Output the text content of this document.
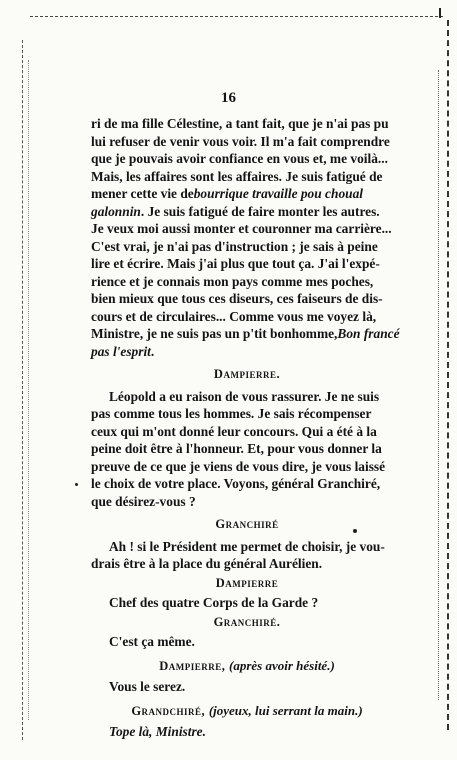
16
ri de ma fille Célestine, a tant fait, que je n'ai pas pu
lui refuser de venir vous voir. Il m'a fait comprendre
que je pouvais avoir confiance en vous et, me voilà...
Mais, les affaires sont les affaires. Je suis fatigué de
mener cette vie debourrique travaille pou choual
galonnin. Je suis fatigué de faire monter les autres.
Je veux moi aussi monter et couronner ma carrière...
C'est vrai, je n'ai pas d'instruction ; je sais à peine
lire et écrire. Mais j'ai plus que tout ça. J'ai l'expé-
rience et je connais mon pays comme mes poches,
bien mieux que tous ces diseurs, ces faiseurs de dis-
cours et de circulaires... Comme vous me voyez là,
Ministre, je ne suis pas un p'tit bonhomme,Bon francé
pas l'esprit.
Dampierre.
Léopold a eu raison de vous rassurer. Je ne suis
pas comme tous les hommes. Je sais récompenser
ceux qui m'ont donné leur concours. Qui a été à la
peine doit être à l'honneur. Et, pour vous donner la
preuve de ce que je viens de vous dire, je vous laissé
le choix de votre place. Voyons, général Granchiré,
que désirez-vous ?
Granchiré
Ah ! si le Président me permet de choisir, je vou-
drais être à la place du général Aurélien.
Dampierre
Chef des quatre Corps de la Garde ?
Granchiré.
C'est ça même.
Dampierre, (après avoir hésité.)
Vous le serez.
Grandchiré, (joyeux, lui serrant la main.)
Tope là, Ministre.
